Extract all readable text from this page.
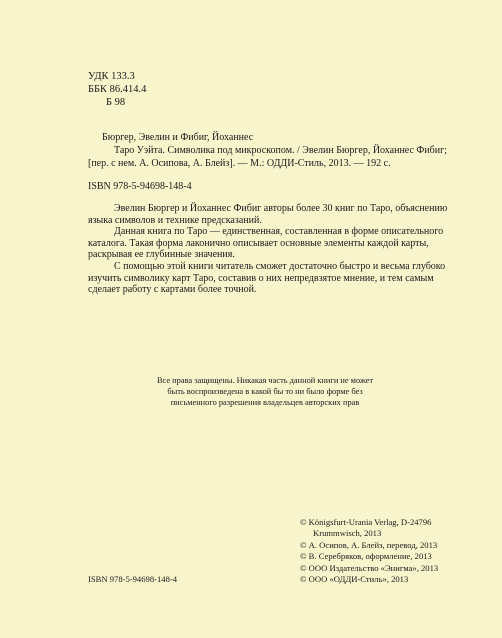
УДК 133.3
ББК 86.414.4
Б 98
Бюргер, Эвелин и Фибиг, Йоханнес
Таро Уэйта. Символика под микроскопом. / Эвелин Бюргер, Йоханнес Фибиг;
[пер. с нем. А. Осипова, А. Блейз]. — М.: ОДДИ-Стиль, 2013. — 192 с.
ISBN 978-5-94698-148-4

Эвелин Бюргер и Йоханнес Фибиг авторы более 30 книг по Таро, объяснению
языка символов и технике предсказаний.

Данная книга по Таро — единственная, составленная в форме описательного
каталога. Такая форма лаконично описывает основные элементы каждой карты,
раскрывая ее глубинные значения.

С помощью этой книги читатель сможет достаточно быстро и весьма глубоко
изучить символику карт Таро, составив о них непредвзятое мнение, и тем самым
сделает работу с картами более точной.

Все права защищены. Никакая часть данной книги не может
быть воспроизведена в какой бы то ни было форме без
письменного разрешения владельцев авторских прав
© Königsfurt-Urania Verlag, D-24796
Krummwisch, 2013
© А. Осипов, А. Блейз, перевод, 2013
© В. Серебряков, оформление, 2013
© ООО Издательство «Энигма», 2013
© ООО «ОДДИ-Стиль», 2013
ISBN 978-5-94698-148-4
